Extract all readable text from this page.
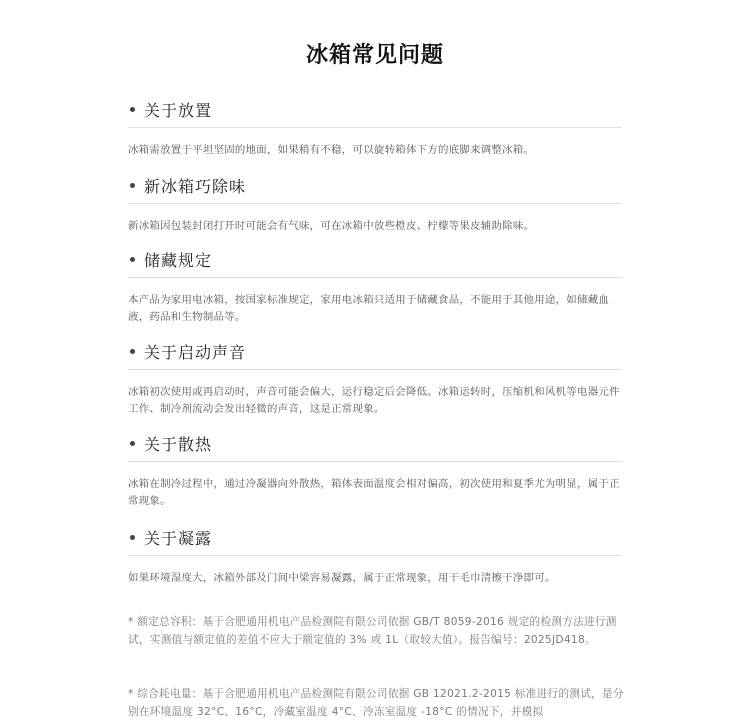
冰箱常见问题
关于放置
冰箱需放置于平坦坚固的地面，如果稍有不稳，可以旋转箱体下方的底脚来调整冰箱。
新冰箱巧除味
新冰箱因包装封闭打开时可能会有气味，可在冰箱中放些橙皮、柠檬等果皮辅助除味。
储藏规定
本产品为家用电冰箱，按国家标准规定，家用电冰箱只适用于储藏食品，不能用于其他用途，如储藏血液，药品和生物制品等。
关于启动声音
冰箱初次使用或再启动时，声音可能会偏大，运行稳定后会降低。冰箱运转时，压缩机和风机等电器元件工作、制冷剂流动会发出轻微的声音，这是正常现象。
关于散热
冰箱在制冷过程中，通过冷凝器向外散热，箱体表面温度会相对偏高，初次使用和夏季尤为明显，属于正常现象。
关于凝露
如果环境湿度大，冰箱外部及门间中梁容易凝露，属于正常现象，用干毛巾清擦干净即可。
* 额定总容积：基于合肥通用机电产品检测院有限公司依据 GB/T 8059-2016 规定的检测方法进行测试，实测值与额定值的差值不应大于额定值的 3% 或 1L（取较大值）。报告编号：2025JD418。
* 综合耗电量：基于合肥通用机电产品检测院有限公司依据 GB 12021.2-2015 标准进行的测试，是分别在环境温度 32°C、16°C，冷藏室温度 4°C、冷冻室温度 -18°C 的情况下，并模拟
